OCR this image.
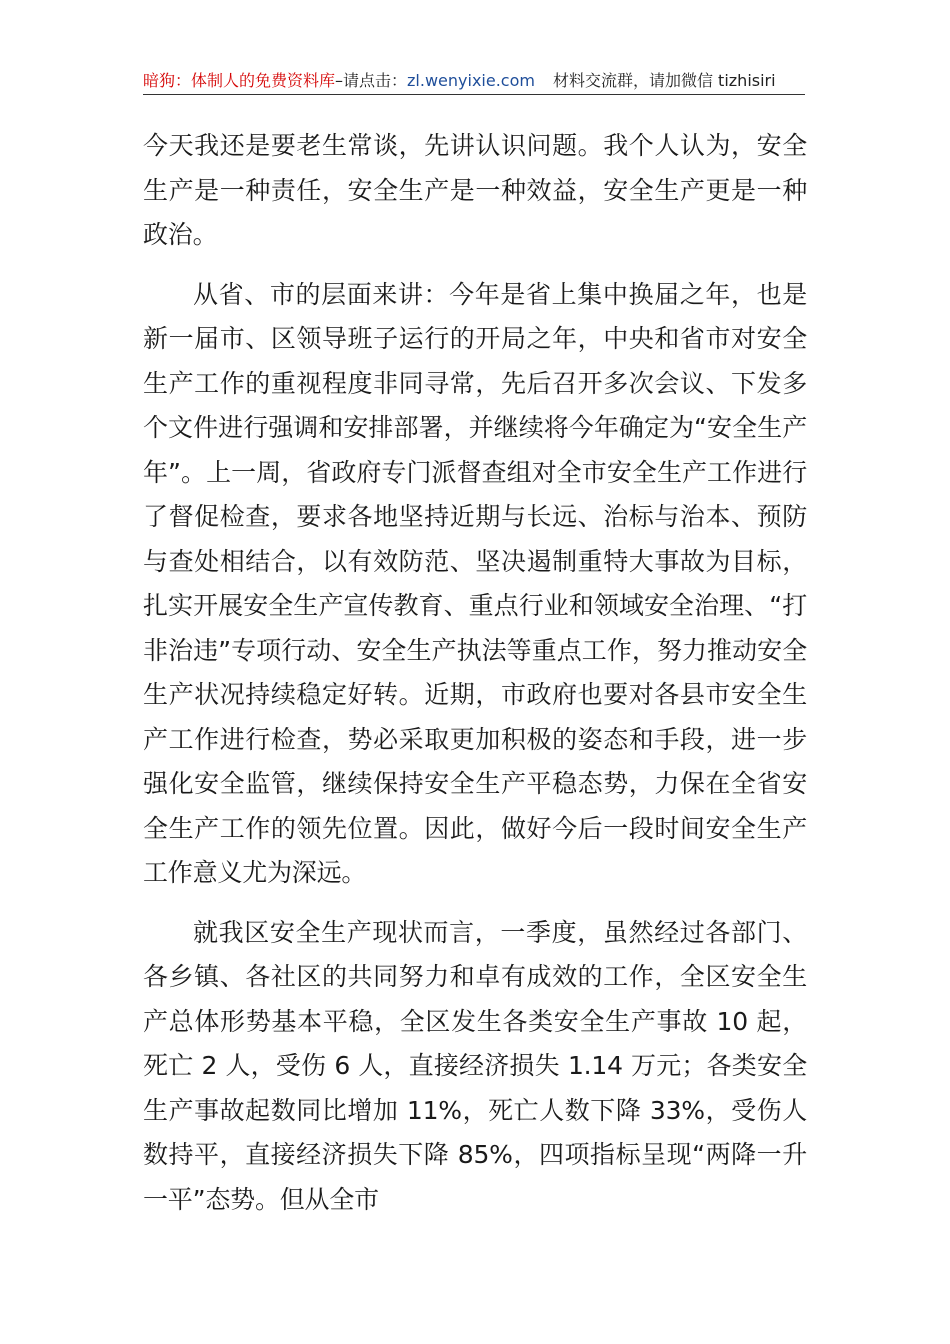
暗狗：体制人的免费资料库–请点击：zl.wenyixie.com 材料交流群，请加微信 tizhisiri

今天我还是要老生常谈，先讲认识问题。我个人认为，安全生产是一种责任，安全生产是一种效益，安全生产更是一种政治。

从省、市的层面来讲：今年是省上集中换届之年，也是新一届市、区领导班子运行的开局之年，中央和省市对安全生产工作的重视程度非同寻常，先后召开多次会议、下发多个文件进行强调和安排部署，并继续将今年确定为“安全生产年”。上一周，省政府专门派督查组对全市安全生产工作进行了督促检查，要求各地坚持近期与长远、治标与治本、预防与查处相结合，以有效防范、坚决遏制重特大事故为目标，扎实开展安全生产宣传教育、重点行业和领域安全治理、“打非治违”专项行动、安全生产执法等重点工作，努力推动安全生产状况持续稳定好转。近期，市政府也要对各县市安全生产工作进行检查，势必采取更加积极的姿态和手段，进一步强化安全监管，继续保持安全生产平稳态势，力保在全省安全生产工作的领先位置。因此，做好今后一段时间安全生产工作意义尤为深远。

就我区安全生产现状而言，一季度，虽然经过各部门、各乡镇、各社区的共同努力和卓有成效的工作，全区安全生产总体形势基本平稳，全区发生各类安全生产事故 10 起，死亡 2 人，受伤 6 人，直接经济损失 1.14 万元；各类安全生产事故起数同比增加 11%，死亡人数下降 33%，受伤人数持平，直接经济损失下降 85%，四项指标呈现“两降一升一平”态势。但从全市
